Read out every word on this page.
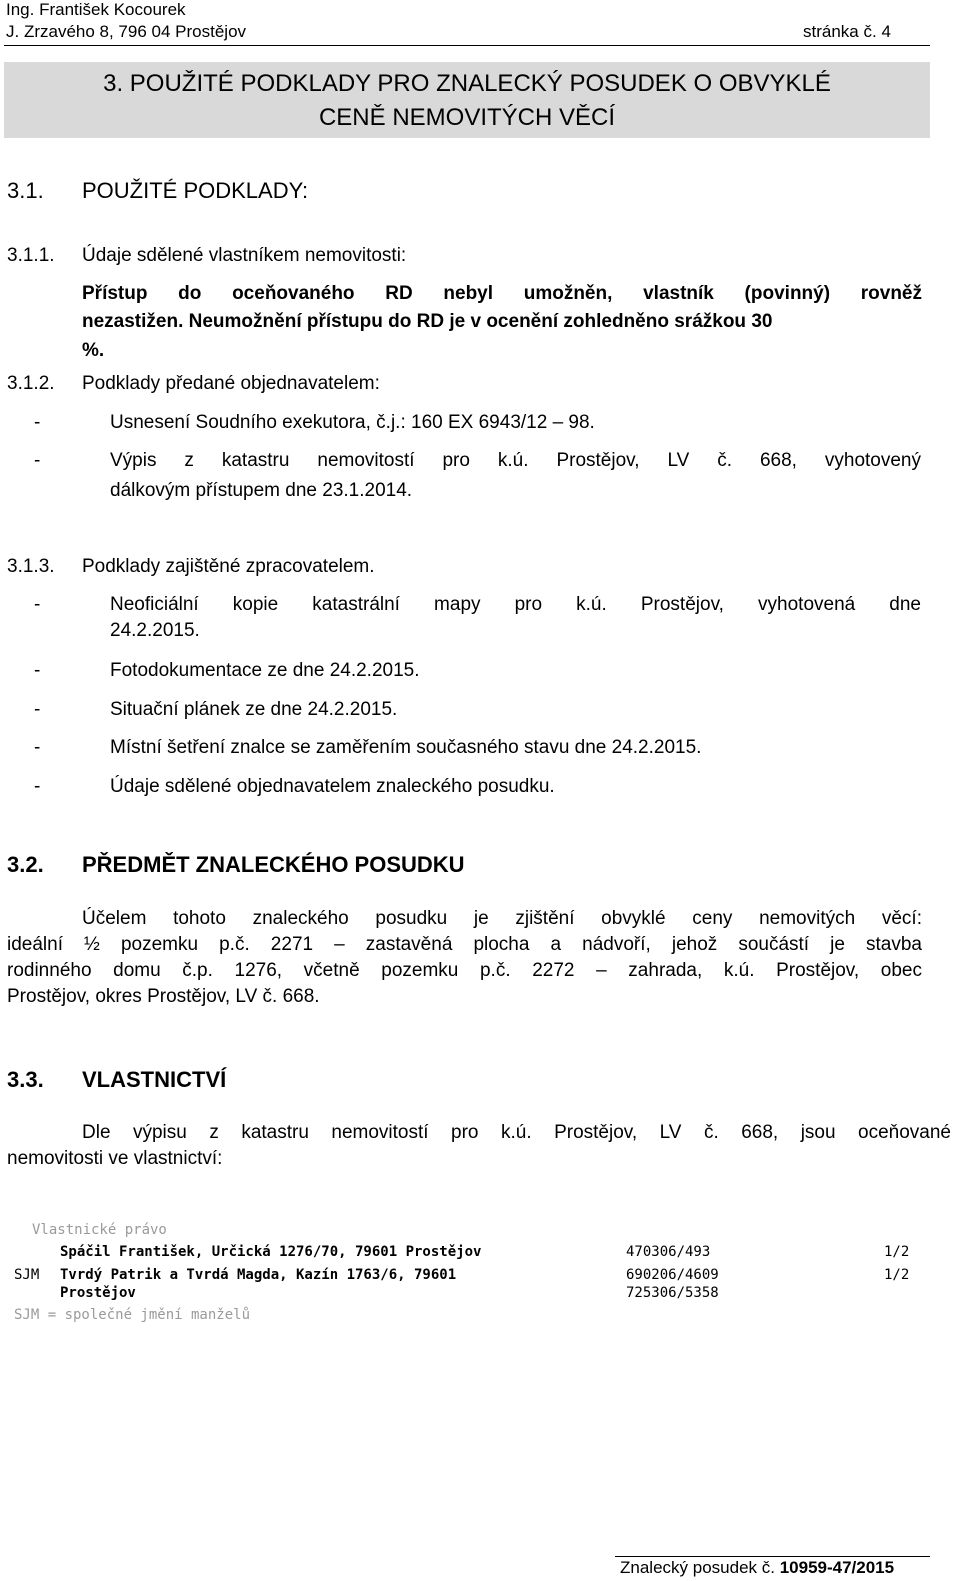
Ing. František Kocourek
J. Zrzavého 8, 796 04 Prostějov	stránka č. 4
3. POUŽITÉ PODKLADY PRO ZNALECKÝ POSUDEK O OBVYKLÉ
CENĚ NEMOVITÝCH VĚCÍ
3.1. POUŽITÉ PODKLADY:
3.1.1. Údaje sdělené vlastníkem nemovitosti:
Přístup do oceňovaného RD nebyl umožněn, vlastník (povinný) rovněž
nezastižen. Neumožnění přístupu do RD je v ocenění zohledněno srážkou 30
%.
3.1.2. Podklady předané objednavatelem:
-	Usnesení Soudního exekutora, č.j.: 160 EX 6943/12 – 98.
-	Výpis z katastru nemovitostí pro k.ú. Prostějov, LV č. 668, vyhotovený
dálkovým přístupem dne 23.1.2014.
3.1.3. Podklady zajištěné zpracovatelem.
-	Neoficiální kopie katastrální mapy pro k.ú. Prostějov, vyhotovená dne
24.2.2015.
-	Fotodokumentace ze dne 24.2.2015.
-	Situační plánek ze dne 24.2.2015.
-	Místní šetření znalce se zaměřením současného stavu dne 24.2.2015.
-	Údaje sdělené objednavatelem znaleckého posudku.
3.2. PŘEDMĚT ZNALECKÉHO POSUDKU
Účelem tohoto znaleckého posudku je zjištění obvyklé ceny nemovitých věcí:
ideální ½ pozemku p.č. 2271 – zastavěná plocha a nádvoří, jehož součástí je stavba
rodinného domu č.p. 1276, včetně pozemku p.č. 2272 – zahrada, k.ú. Prostějov, obec
Prostějov, okres Prostějov, LV č. 668.
3.3. VLASTNICTVÍ
Dle výpisu z katastru nemovitostí pro k.ú. Prostějov, LV č. 668, jsou oceňované
nemovitosti ve vlastnictví:
Vlastnické právo
Spáčil František, Určická 1276/70, 79601 Prostějov	470306/493	1/2
SJM Tvrdý Patrik a Tvrdá Magda, Kazín 1763/6, 79601	690206/4609	1/2
Prostějov	725306/5358
SJM = společné jmění manželů
Znalecký posudek č. 10959-47/2015
